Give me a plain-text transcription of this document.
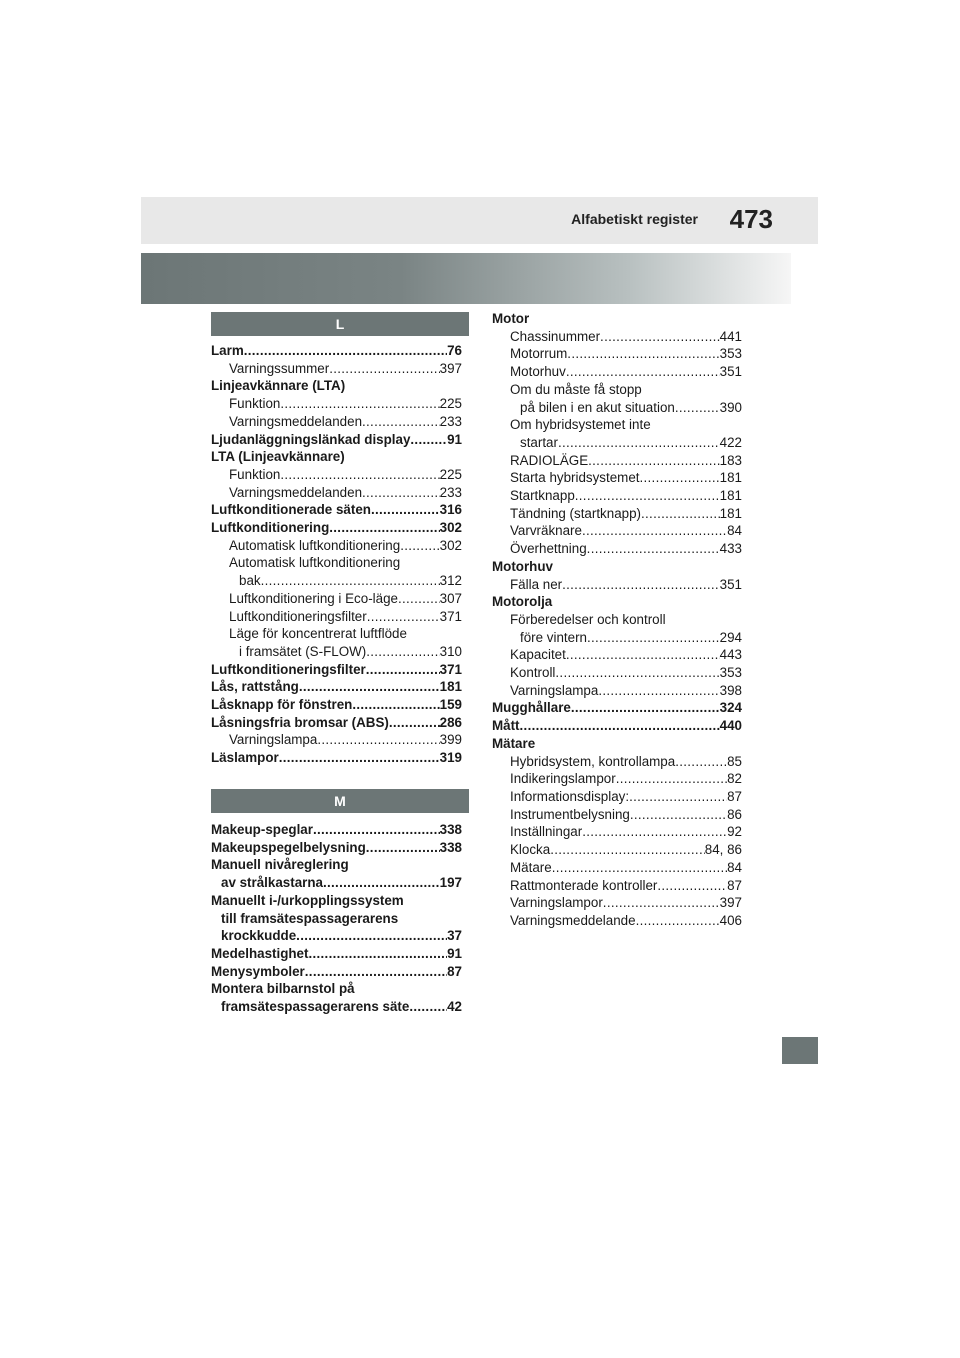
Alfabetiskt register 473
L
Larm .....	76
Varningssummer .....	397
Linjeavkännare (LTA)
Funktion .....	225
Varningsmeddelanden .....	233
Ljudanläggningslänkad display .....	91
LTA (Linjeavkännare)
Funktion .....	225
Varningsmeddelanden .....	233
Luftkonditionerade säten .....	316
Luftkonditionering .....	302
Automatisk luftkonditionering .....	302
Automatisk luftkonditionering
bak .....	312
Luftkonditionering i Eco-läge .....	307
Luftkonditioneringsfilter .....	371
Läge för koncentrerat luftflöde
i framsätet (S-FLOW) .....	310
Luftkonditioneringsfilter .....	371
Lås, rattstång .....	181
Låsknapp för fönstren .....	159
Låsningsfria bromsar (ABS) .....	286
Varningslampa .....	399
Läslampor .....	319
M
Makeup-speglar .....	338
Makeupspegelbelysning .....	338
Manuell nivåreglering
av strålkastarna .....	197
Manuellt i-/urkopplingssystem
till framsätespassagerarens
krockkudde .....	37
Medelhastighet .....	91
Menysymboler .....	87
Montera bilbarnstol på
framsätespassagerarens säte .....	42
Motor
Chassinummer .....	441
Motorrum .....	353
Motorhuv .....	351
Om du måste få stopp
på bilen i en akut situation .....	390
Om hybridsystemet inte
startar .....	422
RADIOLÄGE .....	183
Starta hybridsystemet .....	181
Startknapp .....	181
Tändning (startknapp) .....	181
Varvräknare .....	84
Överhettning .....	433
Motorhuv
Fälla ner .....	351
Motorolja
Förberedelser och kontroll
före vintern .....	294
Kapacitet .....	443
Kontroll .....	353
Varningslampa .....	398
Mugghållare .....	324
Mått .....	440
Mätare
Hybridsystem, kontrollampa .....	85
Indikeringslampor .....	82
Informationsdisplay: .....	87
Instrumentbelysning .....	86
Inställningar .....	92
Klocka .....	84, 86
Mätare .....	84
Rattmonterade kontroller .....	87
Varningslampor .....	397
Varningsmeddelande .....	406
